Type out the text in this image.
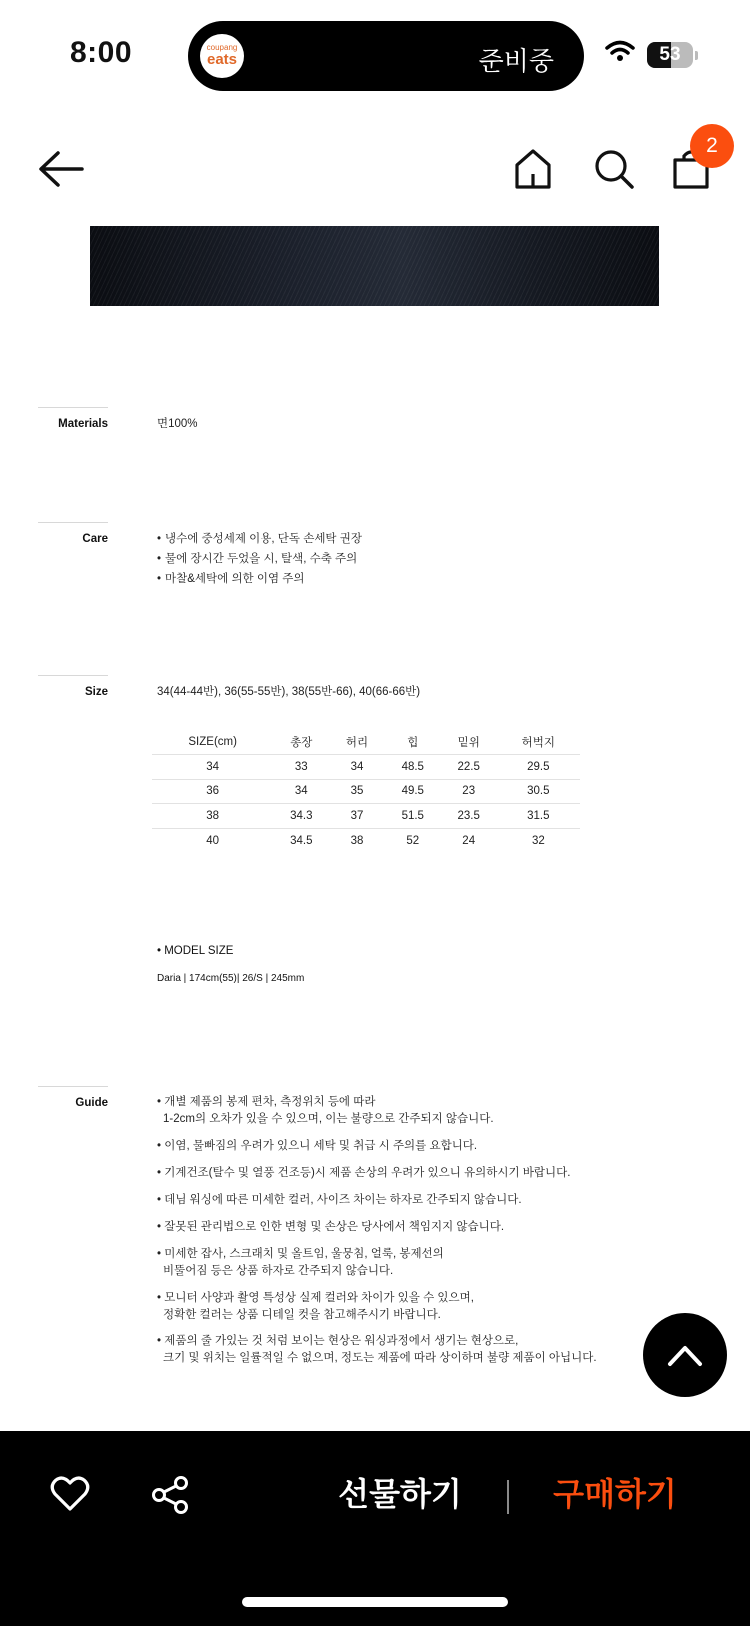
8:00	coupang
eats	준비중	53
2
Materials	면100%
Care	• 냉수에 중성세제 이용, 단독 손세탁 권장
• 물에 장시간 두었을 시, 탈색, 수축 주의
• 마찰&세탁에 의한 이염 주의
Size	34(44-44반), 36(55-55반), 38(55반-66), 40(66-66반)
SIZE(cm)	총장	허리	힙	밑위	허벅지
34	33	34	48.5	22.5	29.5
36	34	35	49.5	23	30.5
38	34.3	37	51.5	23.5	31.5
40	34.5	38	52	24	32
• MODEL SIZE
Daria | 174cm(55)| 26/S | 245mm
Guide	• 개별 제품의 봉제 편차, 측정위치 등에 따라
1-2cm의 오차가 있을 수 있으며, 이는 불량으로 간주되지 않습니다.
• 이염, 물빠짐의 우려가 있으니 세탁 및 취급 시 주의를 요합니다.
• 기계건조(탈수 및 열풍 건조등)시 제품 손상의 우려가 있으니 유의하시기 바랍니다.
• 데님 워싱에 따른 미세한 컬러, 사이즈 차이는 하자로 간주되지 않습니다.
• 잘못된 관리법으로 인한 변형 및 손상은 당사에서 책임지지 않습니다.
• 미세한 잡사, 스크래치 및 올트임, 울뭉침, 얼룩, 봉제선의
비뚤어짐 등은 상품 하자로 간주되지 않습니다.
• 모니터 사양과 촬영 특성상 실제 컬러와 차이가 있을 수 있으며,
정확한 컬러는 상품 디테일 컷을 참고해주시기 바랍니다.
• 제품의 줄 가있는 것 처럼 보이는 현상은 워싱과정에서 생기는 현상으로,
크기 및 위치는 일률적일 수 없으며, 정도는 제품에 따라 상이하며 불량 제품이 아닙니다.
선물하기	구매하기
